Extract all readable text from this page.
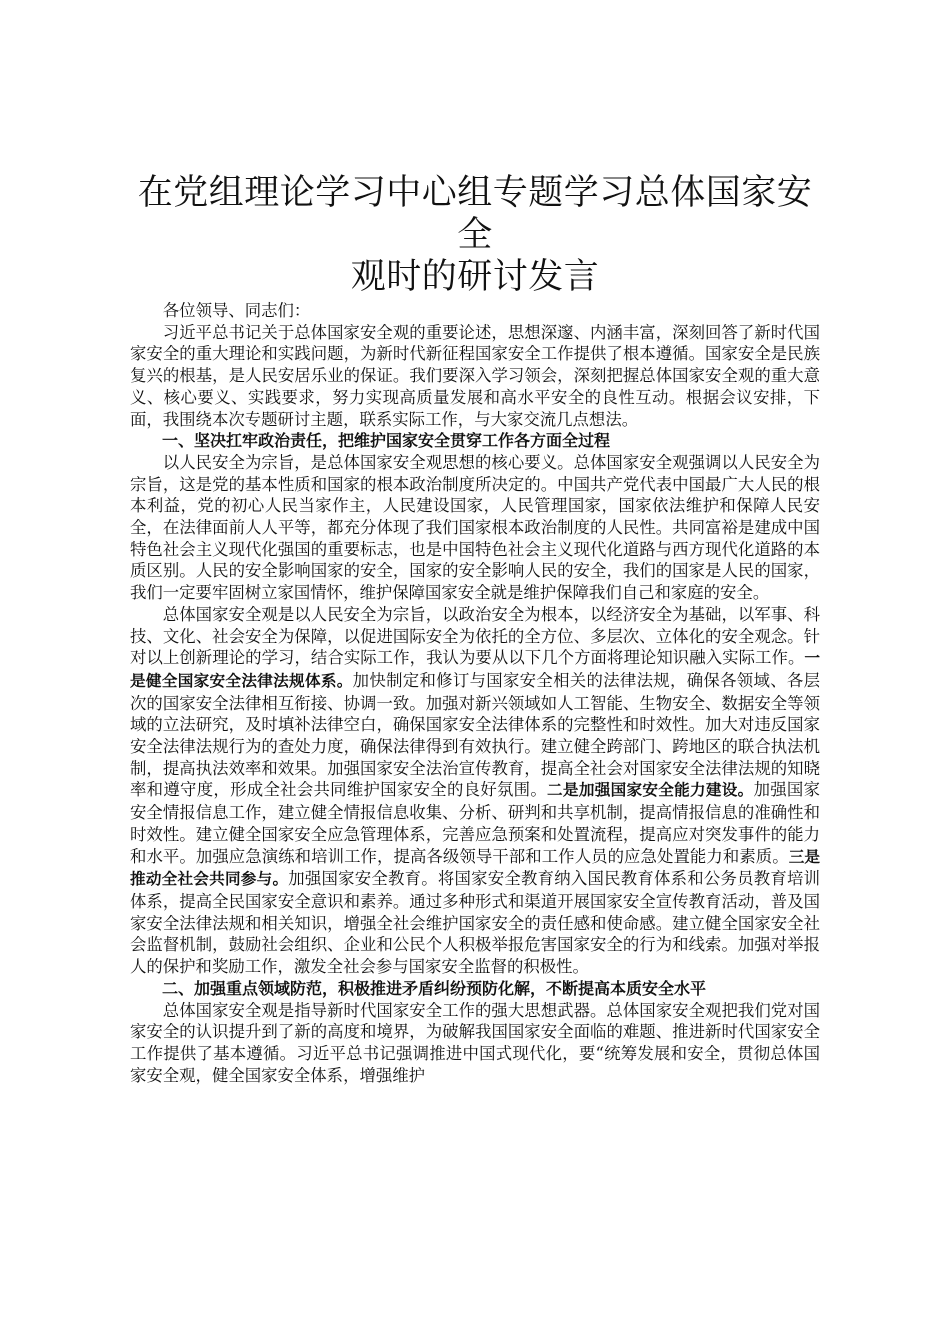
在党组理论学习中心组专题学习总体国家安全
观时的研讨发言

各位领导、同志们：

习近平总书记关于总体国家安全观的重要论述，思想深邃、内涵丰富，深刻回答了新时代国家安全的重大理论和实践问题，为新时代新征程国家安全工作提供了根本遵循。国家安全是民族复兴的根基，是人民安居乐业的保证。我们要深入学习领会，深刻把握总体国家安全观的重大意义、核心要义、实践要求，努力实现高质量发展和高水平安全的良性互动。根据会议安排，下面，我围绕本次专题研讨主题，联系实际工作，与大家交流几点想法。

一、坚决扛牢政治责任，把维护国家安全贯穿工作各方面全过程

以人民安全为宗旨，是总体国家安全观思想的核心要义。总体国家安全观强调以人民安全为宗旨，这是党的基本性质和国家的根本政治制度所决定的。中国共产党代表中国最广大人民的根本利益，党的初心人民当家作主，人民建设国家，人民管理国家，国家依法维护和保障人民安全，在法律面前人人平等，都充分体现了我们国家根本政治制度的人民性。共同富裕是建成中国特色社会主义现代化强国的重要标志，也是中国特色社会主义现代化道路与西方现代化道路的本质区别。人民的安全影响国家的安全，国家的安全影响人民的安全，我们的国家是人民的国家，我们一定要牢固树立家国情怀，维护保障国家安全就是维护保障我们自己和家庭的安全。

总体国家安全观是以人民安全为宗旨，以政治安全为根本，以经济安全为基础，以军事、科技、文化、社会安全为保障，以促进国际安全为依托的全方位、多层次、立体化的安全观念。针对以上创新理论的学习，结合实际工作，我认为要从以下几个方面将理论知识融入实际工作。一是健全国家安全法律法规体系。加快制定和修订与国家安全相关的法律法规，确保各领域、各层次的国家安全法律相互衔接、协调一致。加强对新兴领域如人工智能、生物安全、数据安全等领域的立法研究，及时填补法律空白，确保国家安全法律体系的完整性和时效性。加大对违反国家安全法律法规行为的查处力度，确保法律得到有效执行。建立健全跨部门、跨地区的联合执法机制，提高执法效率和效果。加强国家安全法治宣传教育，提高全社会对国家安全法律法规的知晓率和遵守度，形成全社会共同维护国家安全的良好氛围。二是加强国家安全能力建设。加强国家安全情报信息工作，建立健全情报信息收集、分析、研判和共享机制，提高情报信息的准确性和时效性。建立健全国家安全应急管理体系，完善应急预案和处置流程，提高应对突发事件的能力和水平。加强应急演练和培训工作，提高各级领导干部和工作人员的应急处置能力和素质。三是推动全社会共同参与。加强国家安全教育。将国家安全教育纳入国民教育体系和公务员教育培训体系，提高全民国家安全意识和素养。通过多种形式和渠道开展国家安全宣传教育活动，普及国家安全法律法规和相关知识，增强全社会维护国家安全的责任感和使命感。建立健全国家安全社会监督机制，鼓励社会组织、企业和公民个人积极举报危害国家安全的行为和线索。加强对举报人的保护和奖励工作，激发全社会参与国家安全监督的积极性。

二、加强重点领域防范，积极推进矛盾纠纷预防化解，不断提高本质安全水平

总体国家安全观是指导新时代国家安全工作的强大思想武器。总体国家安全观把我们党对国家安全的认识提升到了新的高度和境界，为破解我国国家安全面临的难题、推进新时代国家安全工作提供了基本遵循。习近平总书记强调推进中国式现代化，要“统筹发展和安全，贯彻总体国家安全观，健全国家安全体系，增强维护
